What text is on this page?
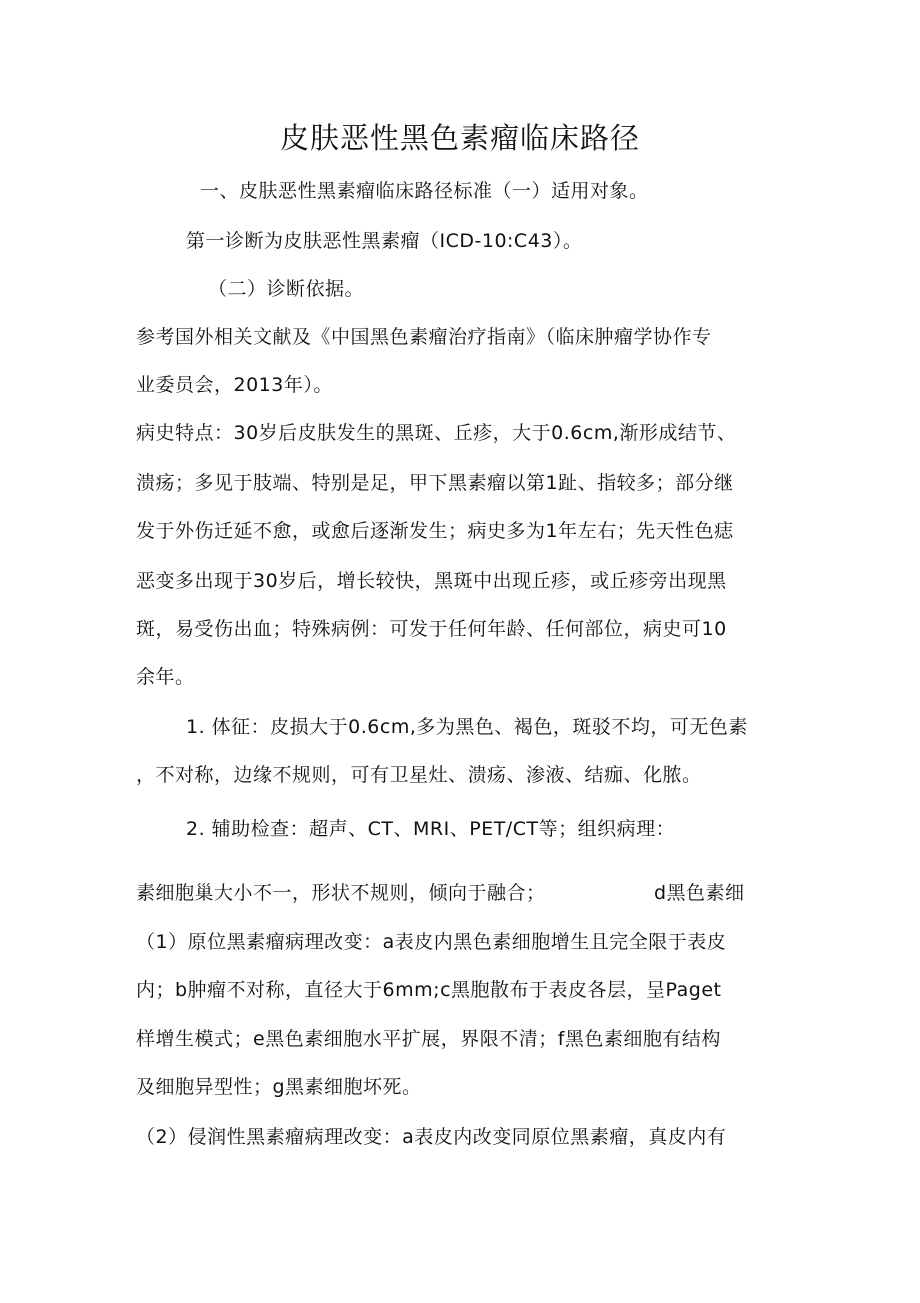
皮肤恶性黑色素瘤临床路径
一、皮肤恶性黑素瘤临床路径标准（一）适用对象。
第一诊断为皮肤恶性黑素瘤（ICD-10:C43）。
（二）诊断依据。
参考国外相关文献及《中国黑色素瘤治疗指南》（临床肿瘤学协作专
业委员会，2013年）。
病史特点：30岁后皮肤发生的黑斑、丘疹，大于0.6cm,渐形成结节、
溃疡；多见于肢端、特别是足，甲下黑素瘤以第1趾、指较多；部分继
发于外伤迁延不愈，或愈后逐渐发生；病史多为1年左右；先天性色痣
恶变多出现于30岁后，增长较快，黑斑中出现丘疹，或丘疹旁出现黑
斑，易受伤出血；特殊病例：可发于任何年龄、任何部位，病史可10
余年。
1. 体征：皮损大于0.6cm,多为黑色、褐色，斑驳不均，可无色素
，不对称，边缘不规则，可有卫星灶、溃疡、渗液、结痂、化脓。
2. 辅助检查：超声、CT、MRI、PET/CT等；组织病理：
素细胞巢大小不一，形状不规则，倾向于融合；	d黑色素细
（1）原位黑素瘤病理改变：a表皮内黑色素细胞增生且完全限于表皮
内；b肿瘤不对称，直径大于6mm;c黑胞散布于表皮各层，呈Paget
样增生模式；e黑色素细胞水平扩展，界限不清；f黑色素细胞有结构
及细胞异型性；g黑素细胞坏死。
（2）侵润性黑素瘤病理改变：a表皮内改变同原位黑素瘤，真皮内有
